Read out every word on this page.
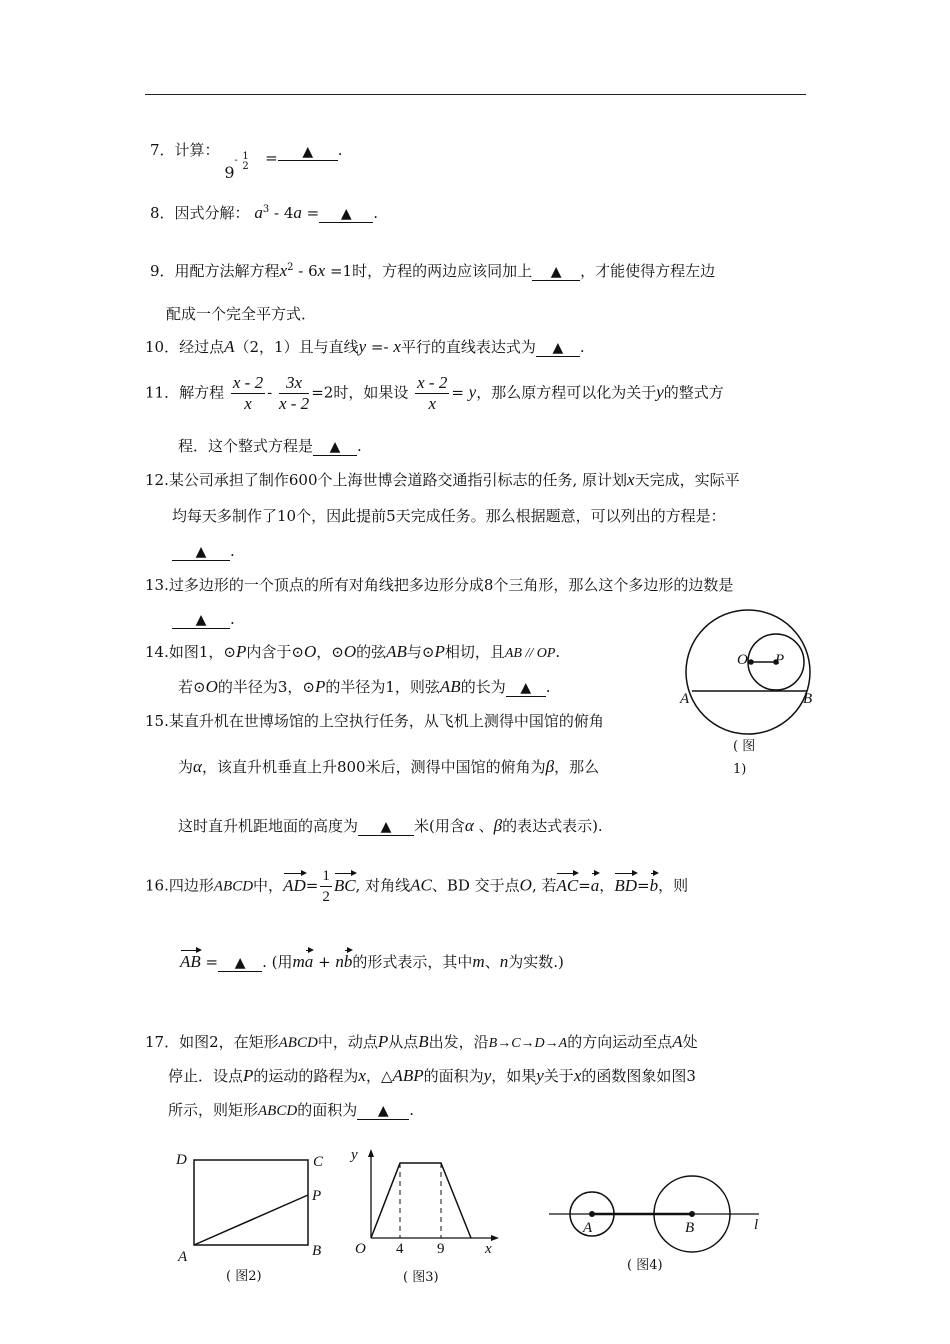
7．计算：
9
- 1
2 = ▲ .
8．因式分解： $a^3 - 4a$ = ▲ .
9．用配方法解方程$x^2 - 6x =1$时，方程的两边应该同加上 ▲ ，才能使得方程左边
配成一个完全平方式．
10．经过点A（2，1）且与直线y =- x平行的直线表达式为 ▲ .
11．解方程 $\frac{x - 2}{x} - \frac{3x}{x - 2} =2$时，如果设 $\frac{x - 2}{x} = y$，那么原方程可以化为关于y的整式方
程．这个整式方程是 ▲ .
12.某公司承担了制作600个上海世博会道路交通指引标志的任务, 原计划x天完成，实际平
均每天多制作了10个，因此提前5天完成任务。那么根据题意，可以列出的方程是：
▲ .
13.过多边形的一个顶点的所有对角线把多边形分成8个三角形，那么这个多边形的边数是
▲ .
14.如图1，⊙P内含于⊙O，⊙O的弦AB与⊙P相切，且AB // OP.
若⊙O的半径为3，⊙P的半径为1，则弦AB的长为 ▲ .
15.某直升机在世博场馆的上空执行任务，从飞机上测得中国馆的俯角
为α，该直升机垂直上升800米后，测得中国馆的俯角为β，那么
这时直升机距地面的高度为 ▲ 米(用含α 、β的表达式表示).
16.四边形ABCD中，$AD= \frac{1}{2}$ BC, 对角线AC、BD 交于点O, 若AC=a，BD=b，则
AB = ▲ . (用ma + nb的形式表示，其中m、n为实数.)
17．如图2，在矩形ABCD中，动点P从点B出发，沿B→C→D→A的方向运动至点A处
停止．设点P的运动的路程为x，△ABP的面积为y，如果y关于x的函数图象如图3
所示，则矩形ABCD的面积为 ▲ .
O P
A	B
( 图
1)
D	C
P
A	B
( 图2)
y
O 4 9	x
( 图3)
A	B	l
( 图4)
